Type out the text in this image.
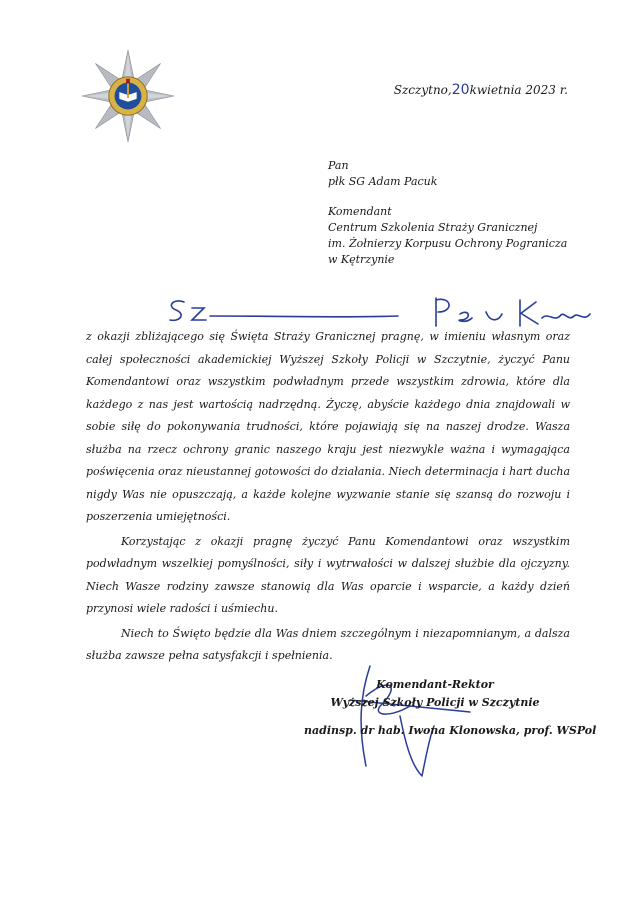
Szczytno,20kwietnia 2023 r.
Pan
płk SG Adam Pacuk
Komendant
Centrum Szkolenia Straży Granicznej
im. Żołnierzy Korpusu Ochrony Pogranicza
w Kętrzynie

z okazji zbliżającego się Święta Straży Granicznej pragnę, w imieniu własnym oraz całej społeczności akademickiej Wyższej Szkoły Policji w Szczytnie, życzyć Panu Komendantowi oraz wszystkim podwładnym przede wszystkim zdrowia, które dla każdego z nas jest wartością nadrzędną. Życzę, abyście każdego dnia znajdowali w sobie siłę do pokonywania trudności, które pojawiają się na naszej drodze. Wasza służba na rzecz ochrony granic naszego kraju jest niezwykle ważna i wymagająca poświęcenia oraz nieustannej gotowości do działania. Niech determinacja i hart ducha nigdy Was nie opuszczają, a każde kolejne wyzwanie stanie się szansą do rozwoju i poszerzenia umiejętności.

Korzystając z okazji pragnę życzyć Panu Komendantowi oraz wszystkim podwładnym wszelkiej pomyślności, siły i wytrwałości w dalszej służbie dla ojczyzny. Niech Wasze rodziny zawsze stanowią dla Was oparcie i wsparcie, a każdy dzień przynosi wiele radości i uśmiechu.

Niech to Święto będzie dla Was dniem szczególnym i niezapomnianym, a dalsza służba zawsze pełna satysfakcji i spełnienia.

Komendant-Rektor
Wyższej Szkoły Policji w Szczytnie
nadinsp. dr hab. Iwona Klonowska, prof. WSPol
